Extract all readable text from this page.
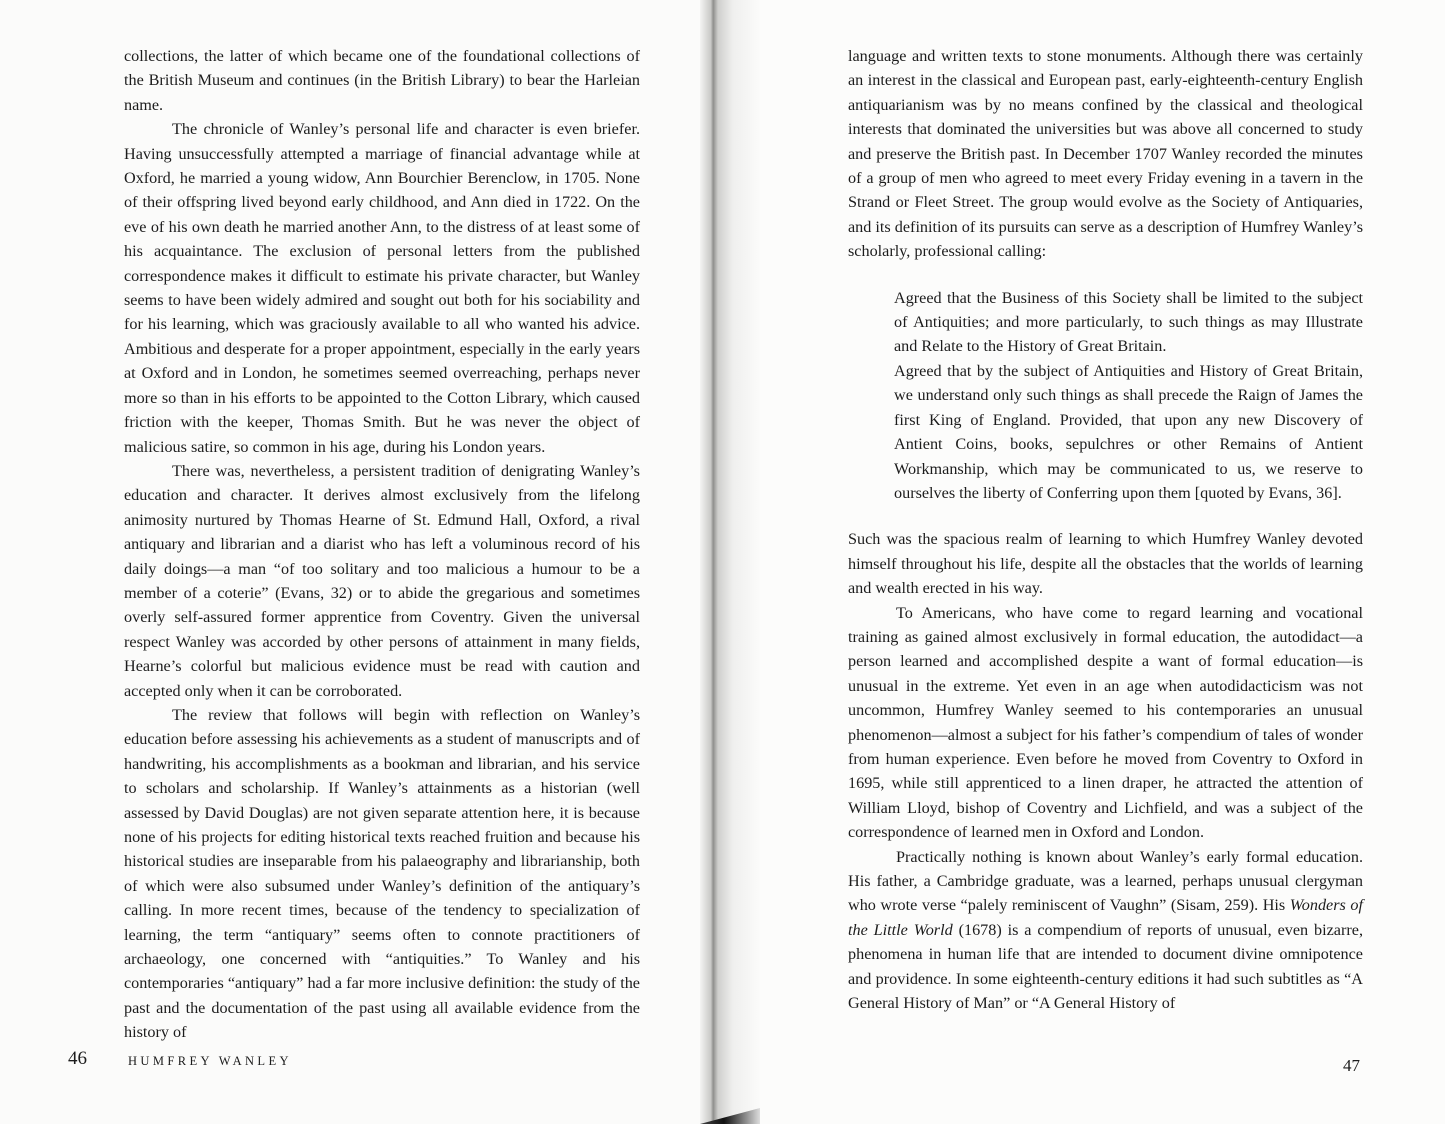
collections, the latter of which became one of the foundational collections of the British Museum and continues (in the British Library) to bear the Harleian name.

The chronicle of Wanley’s personal life and character is even briefer. Having unsuccessfully attempted a marriage of financial advantage while at Oxford, he married a young widow, Ann Bourchier Berenclow, in 1705. None of their offspring lived beyond early childhood, and Ann died in 1722. On the eve of his own death he married another Ann, to the distress of at least some of his acquaintance. The exclusion of personal letters from the published correspondence makes it difficult to estimate his private character, but Wanley seems to have been widely admired and sought out both for his sociability and for his learning, which was graciously available to all who wanted his advice. Ambitious and desperate for a proper appointment, especially in the early years at Oxford and in London, he sometimes seemed overreaching, perhaps never more so than in his efforts to be appointed to the Cotton Library, which caused friction with the keeper, Thomas Smith. But he was never the object of malicious satire, so common in his age, during his London years.

There was, nevertheless, a persistent tradition of denigrating Wanley’s education and character. It derives almost exclusively from the lifelong animosity nurtured by Thomas Hearne of St. Edmund Hall, Oxford, a rival antiquary and librarian and a diarist who has left a voluminous record of his daily doings—a man “of too solitary and too malicious a humour to be a member of a coterie” (Evans, 32) or to abide the gregarious and sometimes overly self-assured former apprentice from Coventry. Given the universal respect Wanley was accorded by other persons of attainment in many fields, Hearne’s colorful but malicious evidence must be read with caution and accepted only when it can be corroborated.

The review that follows will begin with reflection on Wanley’s education before assessing his achievements as a student of manuscripts and of handwriting, his accomplishments as a bookman and librarian, and his service to scholars and scholarship. If Wanley’s attainments as a historian (well assessed by David Douglas) are not given separate attention here, it is because none of his projects for editing historical texts reached fruition and because his historical studies are inseparable from his palaeography and librarianship, both of which were also subsumed under Wanley’s definition of the antiquary’s calling. In more recent times, because of the tendency to specialization of learning, the term “antiquary” seems often to connote practitioners of archaeology, one concerned with “antiquities.” To Wanley and his contemporaries “antiquary” had a far more inclusive definition: the study of the past and the documentation of the past using all available evidence from the history of

46	HUMFREY WANLEY

language and written texts to stone monuments. Although there was certainly an interest in the classical and European past, early-eighteenth-century English antiquarianism was by no means confined by the classical and theological interests that dominated the universities but was above all concerned to study and preserve the British past. In December 1707 Wanley recorded the minutes of a group of men who agreed to meet every Friday evening in a tavern in the Strand or Fleet Street. The group would evolve as the Society of Antiquaries, and its definition of its pursuits can serve as a description of Humfrey Wanley’s scholarly, professional calling:

Agreed that the Business of this Society shall be limited to the subject of Antiquities; and more particularly, to such things as may Illustrate and Relate to the History of Great Britain.

Agreed that by the subject of Antiquities and History of Great Britain, we understand only such things as shall precede the Raign of James the first King of England. Provided, that upon any new Discovery of Antient Coins, books, sepulchres or other Remains of Antient Workmanship, which may be communicated to us, we reserve to ourselves the liberty of Conferring upon them [quoted by Evans, 36].

Such was the spacious realm of learning to which Humfrey Wanley devoted himself throughout his life, despite all the obstacles that the worlds of learning and wealth erected in his way.

To Americans, who have come to regard learning and vocational training as gained almost exclusively in formal education, the autodidact—a person learned and accomplished despite a want of formal education—is unusual in the extreme. Yet even in an age when autodidacticism was not uncommon, Humfrey Wanley seemed to his contemporaries an unusual phenomenon—almost a subject for his father’s compendium of tales of wonder from human experience. Even before he moved from Coventry to Oxford in 1695, while still apprenticed to a linen draper, he attracted the attention of William Lloyd, bishop of Coventry and Lichfield, and was a subject of the correspondence of learned men in Oxford and London.

Practically nothing is known about Wanley’s early formal education. His father, a Cambridge graduate, was a learned, perhaps unusual clergyman who wrote verse “palely reminiscent of Vaughn” (Sisam, 259). His Wonders of the Little World (1678) is a compendium of reports of unusual, even bizarre, phenomena in human life that are intended to document divine omnipotence and providence. In some eighteenth-century editions it had such subtitles as “A General History of Man” or “A General History of

47
